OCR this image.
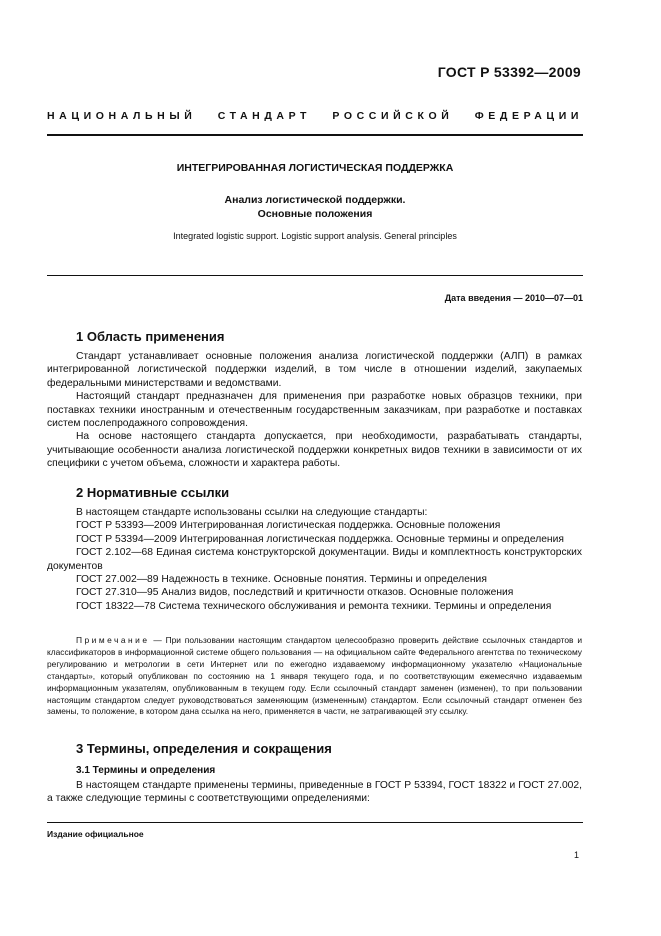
ГОСТ Р 53392—2009
НАЦИОНАЛЬНЫЙ СТАНДАРТ РОССИЙСКОЙ ФЕДЕРАЦИИ
ИНТЕГРИРОВАННАЯ ЛОГИСТИЧЕСКАЯ ПОДДЕРЖКА
Анализ логистической поддержки.
Основные положения
Integrated logistic support. Logistic support analysis. General principles
Дата введения — 2010—07—01
1 Область применения

Стандарт устанавливает основные положения анализа логистической поддержки (АЛП) в рамках интегрированной логистической поддержки изделий, в том числе в отношении изделий, закупаемых федеральными министерствами и ведомствами.

Настоящий стандарт предназначен для применения при разработке новых образцов техники, при поставках техники иностранным и отечественным государственным заказчикам, при разработке и поставках систем послепродажного сопровождения.

На основе настоящего стандарта допускается, при необходимости, разрабатывать стандарты, учитывающие особенности анализа логистической поддержки конкретных видов техники в зависимости от их специфики с учетом объема, сложности и характера работы.

2 Нормативные ссылки
В настоящем стандарте использованы ссылки на следующие стандарты:
ГОСТ Р 53393—2009 Интегрированная логистическая поддержка. Основные положения
ГОСТ Р 53394—2009 Интегрированная логистическая поддержка. Основные термины и определения
ГОСТ 2.102—68 Единая система конструкторской документации. Виды и комплектность конструкторских документов
ГОСТ 27.002—89 Надежность в технике. Основные понятия. Термины и определения
ГОСТ 27.310—95 Анализ видов, последствий и критичности отказов. Основные положения
ГОСТ 18322—78 Система технического обслуживания и ремонта техники. Термины и определения

Примечание — При пользовании настоящим стандартом целесообразно проверить действие ссылочных стандартов и классификаторов в информационной системе общего пользования — на официальном сайте Федерального агентства по техническому регулированию и метрологии в сети Интернет или по ежегодно издаваемому информационному указателю «Национальные стандарты», который опубликован по состоянию на 1 января текущего года, и по соответствующим ежемесячно издаваемым информационным указателям, опубликованным в текущем году. Если ссылочный стандарт заменен (изменен), то при пользовании настоящим стандартом следует руководствоваться заменяющим (измененным) стандартом. Если ссылочный стандарт отменен без замены, то положение, в котором дана ссылка на него, применяется в части, не затрагивающей эту ссылку.

3 Термины, определения и сокращения
3.1 Термины и определения

В настоящем стандарте применены термины, приведенные в ГОСТ Р 53394, ГОСТ 18322 и ГОСТ 27.002, а также следующие термины с соответствующими определениями:

Издание официальное
1
